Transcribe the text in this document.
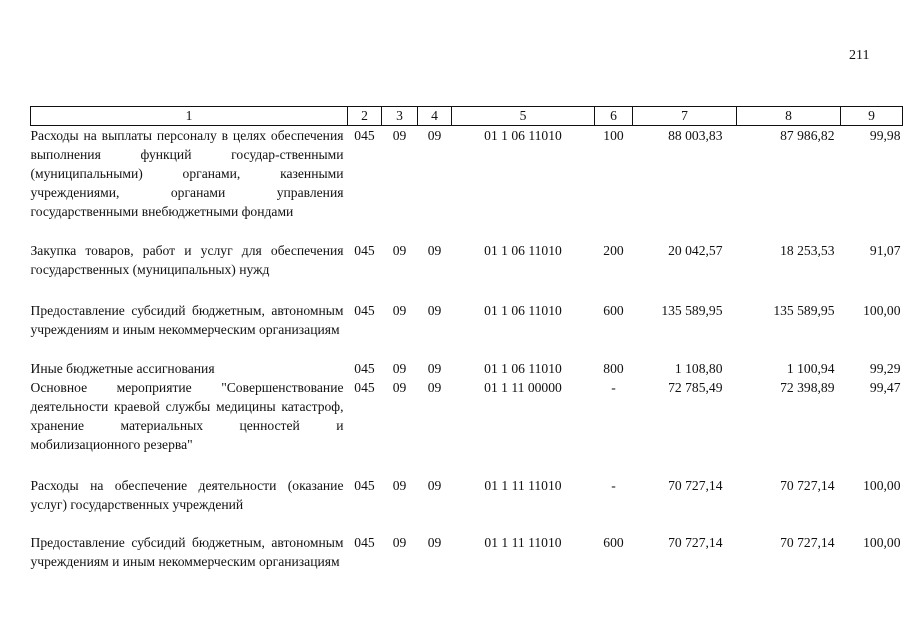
211
1	2	3	4	5	6	7	8	9
Расходы на выплаты персоналу в целях обеспечения выполнения функций государ-ственными (муниципальными) органами, казенными учреждениями, органами управления государственными внебюджетными фондами	045	09	09	01 1 06 11010	100	88 003,83	87 986,82	99,98
Закупка товаров, работ и услуг для обеспечения государственных (муниципальных) нужд	045	09	09	01 1 06 11010	200	20 042,57	18 253,53	91,07
Предоставление субсидий бюджетным, автономным учреждениям и иным некоммерческим организациям	045	09	09	01 1 06 11010	600	135 589,95	135 589,95	100,00
Иные бюджетные ассигнования	045	09	09	01 1 06 11010	800	1 108,80	1 100,94	99,29
Основное мероприятие "Совершенствование деятельности краевой службы медицины катастроф, хранение материальных ценностей и мобилизационного резерва"	045	09	09	01 1 11 00000	-	72 785,49	72 398,89	99,47
Расходы на обеспечение деятельности (оказание услуг) государственных учреждений	045	09	09	01 1 11 11010	-	70 727,14	70 727,14	100,00
Предоставление субсидий бюджетным, автономным учреждениям и иным некоммерческим организациям	045	09	09	01 1 11 11010	600	70 727,14	70 727,14	100,00
